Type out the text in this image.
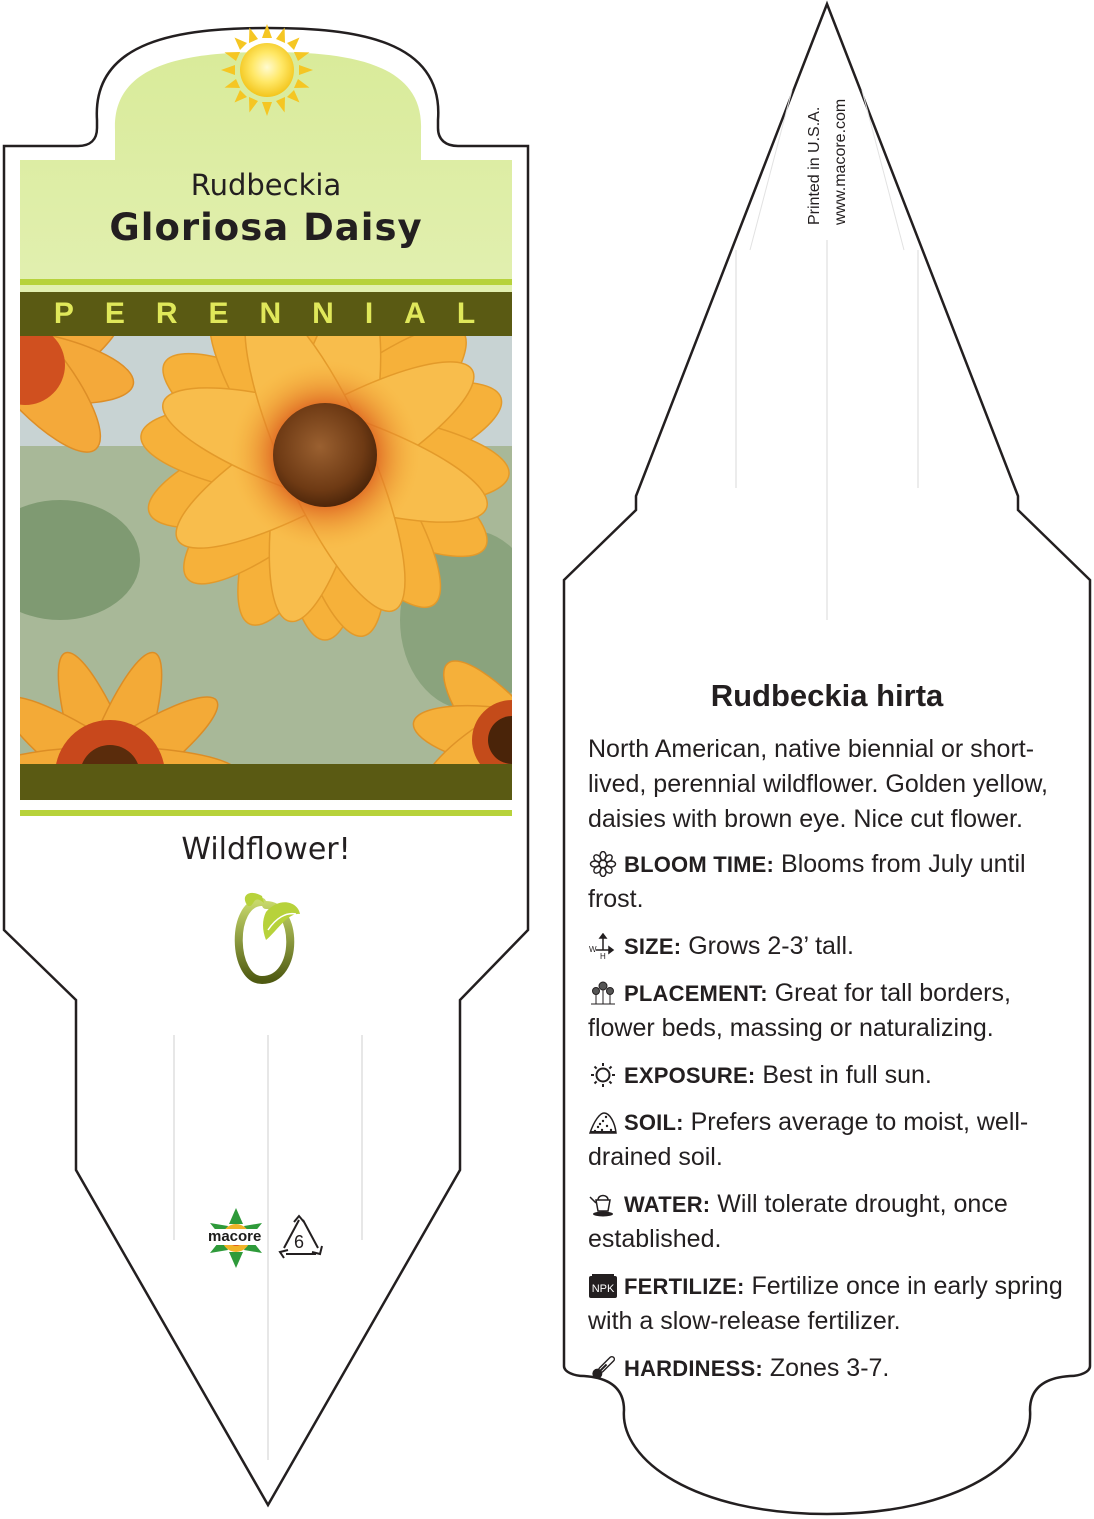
Rudbeckia
Gloriosa Daisy
PERENNIAL
Wildflower!
macore 6
Printed in U.S.A. www.macore.com
Rudbeckia hirta

North American, native biennial or short-lived, perennial wildflower. Golden yellow, daisies with brown eye. Nice cut flower.

BLOOM TIME: Blooms from July until frost.

W
H SIZE: Grows 2-3’ tall.

PLACEMENT: Great for tall borders, flower beds, massing or naturalizing.

EXPOSURE: Best in full sun.

SOIL: Prefers average to moist, well-drained soil.

WATER: Will tolerate drought, once established.

NPK FERTILIZE: Fertilize once in early spring with a slow-release fertilizer.

HARDINESS: Zones 3-7.
